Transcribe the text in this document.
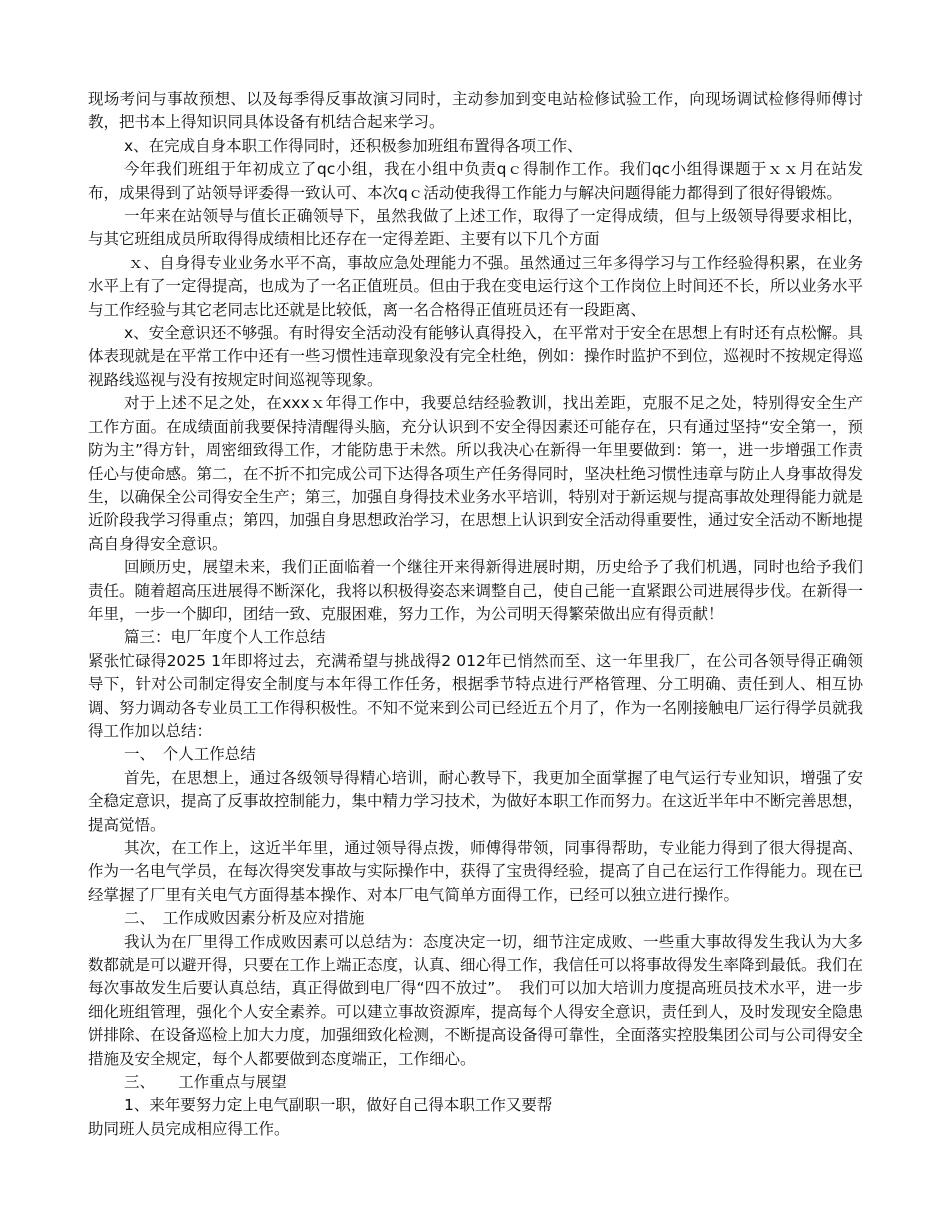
现场考问与事故预想、以及每季得反事故演习同时，主动参加到变电站检修试验工作，向现场调试检修得师傅讨教，把书本上得知识同具体设备有机结合起来学习。

x、在完成自身本职工作得同时，还积极参加班组布置得各项工作、

今年我们班组于年初成立了qc小组，我在小组中负责qｃ得制作工作。我们qc小组得课题于ｘｘ月在站发布，成果得到了站领导评委得一致认可、本次qｃ活动使我得工作能力与解决问题得能力都得到了很好得锻炼。

一年来在站领导与值长正确领导下，虽然我做了上述工作，取得了一定得成绩，但与上级领导得要求相比，与其它班组成员所取得得成绩相比还存在一定得差距、主要有以下几个方面

ｘ、自身得专业业务水平不高，事故应急处理能力不强。虽然通过三年多得学习与工作经验得积累，在业务水平上有了一定得提高，也成为了一名正值班员。但由于我在变电运行这个工作岗位上时间还不长，所以业务水平与工作经验与其它老同志比还就是比较低，离一名合格得正值班员还有一段距离、

x、安全意识还不够强。有时得安全活动没有能够认真得投入，在平常对于安全在思想上有时还有点松懈。具体表现就是在平常工作中还有一些习惯性违章现象没有完全杜绝，例如：操作时监护不到位，巡视时不按规定得巡视路线巡视与没有按规定时间巡视等现象。

对于上述不足之处，在xxxｘ年得工作中，我要总结经验教训，找出差距，克服不足之处，特别得安全生产工作方面。在成绩面前我要保持清醒得头脑，充分认识到不安全得因素还可能存在，只有通过坚持“安全第一，预防为主”得方针，周密细致得工作，才能防患于未然。所以我决心在新得一年里要做到：第一，进一步增强工作责任心与使命感。第二，在不折不扣完成公司下达得各项生产任务得同时，坚决杜绝习惯性违章与防止人身事故得发生，以确保全公司得安全生产；第三，加强自身得技术业务水平培训，特别对于新运规与提高事故处理得能力就是近阶段我学习得重点；第四，加强自身思想政治学习，在思想上认识到安全活动得重要性，通过安全活动不断地提高自身得安全意识。

回顾历史，展望未来，我们正面临着一个继往开来得新得进展时期，历史给予了我们机遇，同时也给予我们责任。随着超高压进展得不断深化，我将以积极得姿态来调整自己，使自己能一直紧跟公司进展得步伐。在新得一年里，一步一个脚印，团结一致、克服困难，努力工作，为公司明天得繁荣做出应有得贡献！

篇三：电厂年度个人工作总结

紧张忙碌得2025 1年即将过去，充满希望与挑战得2 012年已悄然而至、这一年里我厂，在公司各领导得正确领导下，针对公司制定得安全制度与本年得工作任务，根据季节特点进行严格管理、分工明确、责任到人、相互协调、努力调动各专业员工工作得积极性。不知不觉来到公司已经近五个月了，作为一名刚接触电厂运行得学员就我得工作加以总结：

一、　个人工作总结

首先，在思想上，通过各级领导得精心培训，耐心教导下，我更加全面掌握了电气运行专业知识，增强了安全稳定意识，提高了反事故控制能力，集中精力学习技术，为做好本职工作而努力。在这近半年中不断完善思想，提高觉悟。

其次，在工作上，这近半年里，通过领导得点拨，师傅得带领，同事得帮助，专业能力得到了很大得提高、作为一名电气学员，在每次得突发事故与实际操作中，获得了宝贵得经验，提高了自己在运行工作得能力。现在已经掌握了厂里有关电气方面得基本操作、对本厂电气简单方面得工作，已经可以独立进行操作。

二、　工作成败因素分析及应对措施

我认为在厂里得工作成败因素可以总结为：态度决定一切，细节注定成败、一些重大事故得发生我认为大多数都就是可以避开得，只要在工作上端正态度，认真、细心得工作，我信任可以将事故得发生率降到最低。我们在每次事故发生后要认真总结，真正得做到电厂得“四不放过”。　我们可以加大培训力度提高班员技术水平，进一步细化班组管理，强化个人安全素养。可以建立事故资源库，提高每个人得安全意识，责任到人，及时发现安全隐患饼排除、在设备巡检上加大力度，加强细致化检测，不断提高设备得可靠性，全面落实控股集团公司与公司得安全措施及安全规定，每个人都要做到态度端正，工作细心。

三、　　工作重点与展望

1、来年要努力定上电气副职一职，做好自己得本职工作又要帮

助同班人员完成相应得工作。
